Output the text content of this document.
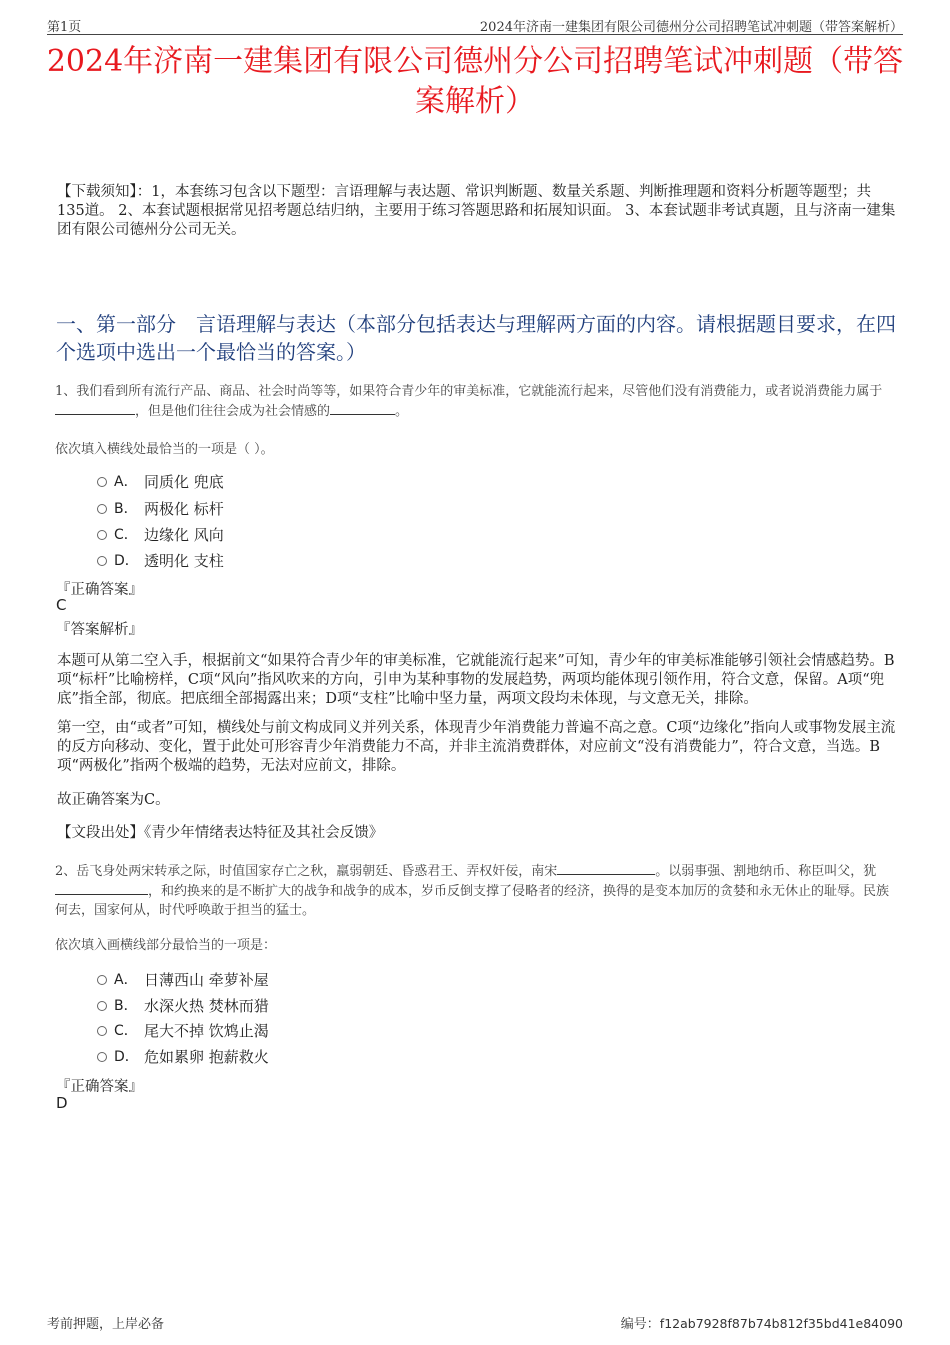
第1页	2024年济南一建集团有限公司德州分公司招聘笔试冲刺题（带答案解析）
2024年济南一建集团有限公司德州分公司招聘笔试冲刺题（带答案解析）
【下载须知】：1，本套练习包含以下题型：言语理解与表达题、常识判断题、数量关系题、判断推理题和资料分析题等题型；共135道。 2、本套试题根据常见招考题总结归纳，主要用于练习答题思路和拓展知识面。 3、本套试题非考试真题，且与济南一建集团有限公司德州分公司无关。
一、第一部分　言语理解与表达（本部分包括表达与理解两方面的内容。请根据题目要求，在四个选项中选出一个最恰当的答案。）
1、我们看到所有流行产品、商品、社会时尚等等，如果符合青少年的审美标准，它就能流行起来，尽管他们没有消费能力，或者说消费能力属于，但是他们往往会成为社会情感的	。
依次填入横线处最恰当的一项是（ ）。
A． 同质化 兜底
B． 两极化 标杆
C． 边缘化 风向
D． 透明化 支柱
『正确答案』
C
『答案解析』
本题可从第二空入手，根据前文“如果符合青少年的审美标准，它就能流行起来”可知，青少年的审美标准能够引领社会情感趋势。B项“标杆”比喻榜样，C项“风向”指风吹来的方向，引申为某种事物的发展趋势，两项均能体现引领作用，符合文意，保留。A项“兜底”指全部，彻底。把底细全部揭露出来；D项“支柱”比喻中坚力量，两项文段均未体现，与文意无关，排除。
第一空，由“或者”可知，横线处与前文构成同义并列关系，体现青少年消费能力普遍不高之意。C项“边缘化”指向人或事物发展主流的反方向移动、变化，置于此处可形容青少年消费能力不高，并非主流消费群体，对应前文“没有消费能力”，符合文意，当选。B项“两极化”指两个极端的趋势，无法对应前文，排除。
故正确答案为C。
【文段出处】《青少年情绪表达特征及其社会反馈》
2、岳飞身处两宋转承之际，时值国家存亡之秋，羸弱朝廷、昏惑君王、弄权奸佞，南宋	。以弱事强、割地纳币、称臣叫父，犹，和约换来的是不断扩大的战争和战争的成本，岁币反倒支撑了侵略者的经济，换得的是变本加厉的贪婪和永无休止的耻辱。民族何去，国家何从，时代呼唤敢于担当的猛士。
依次填入画横线部分最恰当的一项是：
A． 日薄西山 牵萝补屋
B． 水深火热 焚林而猎
C． 尾大不掉 饮鸩止渴
D． 危如累卵 抱薪救火
『正确答案』
D
考前押题，上岸必备	编号：f12ab7928f87b74b812f35bd41e84090
